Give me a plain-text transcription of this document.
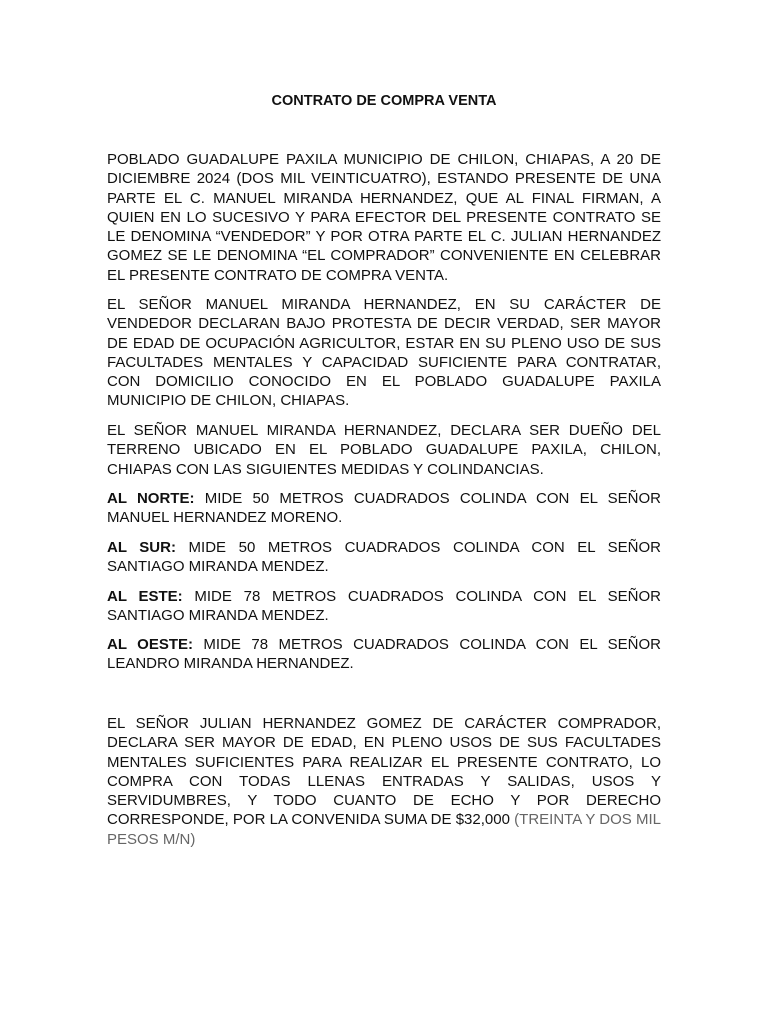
CONTRATO DE COMPRA VENTA

POBLADO GUADALUPE PAXILA MUNICIPIO DE CHILON, CHIAPAS, A 20 DE DICIEMBRE 2024 (DOS MIL VEINTICUATRO), ESTANDO PRESENTE DE UNA PARTE EL C. MANUEL MIRANDA HERNANDEZ, QUE AL FINAL FIRMAN, A QUIEN EN LO SUCESIVO Y PARA EFECTOR DEL PRESENTE CONTRATO SE LE DENOMINA “VENDEDOR” Y POR OTRA PARTE EL C. JULIAN HERNANDEZ GOMEZ SE LE DENOMINA “EL COMPRADOR” CONVENIENTE EN CELEBRAR EL PRESENTE CONTRATO DE COMPRA VENTA.

EL SEÑOR MANUEL MIRANDA HERNANDEZ, EN SU CARÁCTER DE VENDEDOR DECLARAN BAJO PROTESTA DE DECIR VERDAD, SER MAYOR DE EDAD DE OCUPACIÓN AGRICULTOR, ESTAR EN SU PLENO USO DE SUS FACULTADES MENTALES Y CAPACIDAD SUFICIENTE PARA CONTRATAR, CON DOMICILIO CONOCIDO EN EL POBLADO GUADALUPE PAXILA MUNICIPIO DE CHILON, CHIAPAS.

EL SEÑOR MANUEL MIRANDA HERNANDEZ, DECLARA SER DUEÑO DEL TERRENO UBICADO EN EL POBLADO GUADALUPE PAXILA, CHILON, CHIAPAS CON LAS SIGUIENTES MEDIDAS Y COLINDANCIAS.

AL NORTE: MIDE 50 METROS CUADRADOS COLINDA CON EL SEÑOR MANUEL HERNANDEZ MORENO.

AL SUR: MIDE 50 METROS CUADRADOS COLINDA CON EL SEÑOR SANTIAGO MIRANDA MENDEZ.

AL ESTE: MIDE 78 METROS CUADRADOS COLINDA CON EL SEÑOR SANTIAGO MIRANDA MENDEZ.

AL OESTE: MIDE 78 METROS CUADRADOS COLINDA CON EL SEÑOR LEANDRO MIRANDA HERNANDEZ.

EL SEÑOR JULIAN HERNANDEZ GOMEZ DE CARÁCTER COMPRADOR, DECLARA SER MAYOR DE EDAD, EN PLENO USOS DE SUS FACULTADES MENTALES SUFICIENTES PARA REALIZAR EL PRESENTE CONTRATO, LO COMPRA CON TODAS LLENAS ENTRADAS Y SALIDAS, USOS Y SERVIDUMBRES, Y TODO CUANTO DE ECHO Y POR DERECHO CORRESPONDE, POR LA CONVENIDA SUMA DE $32,000 (TREINTA Y DOS MIL PESOS M/N)
